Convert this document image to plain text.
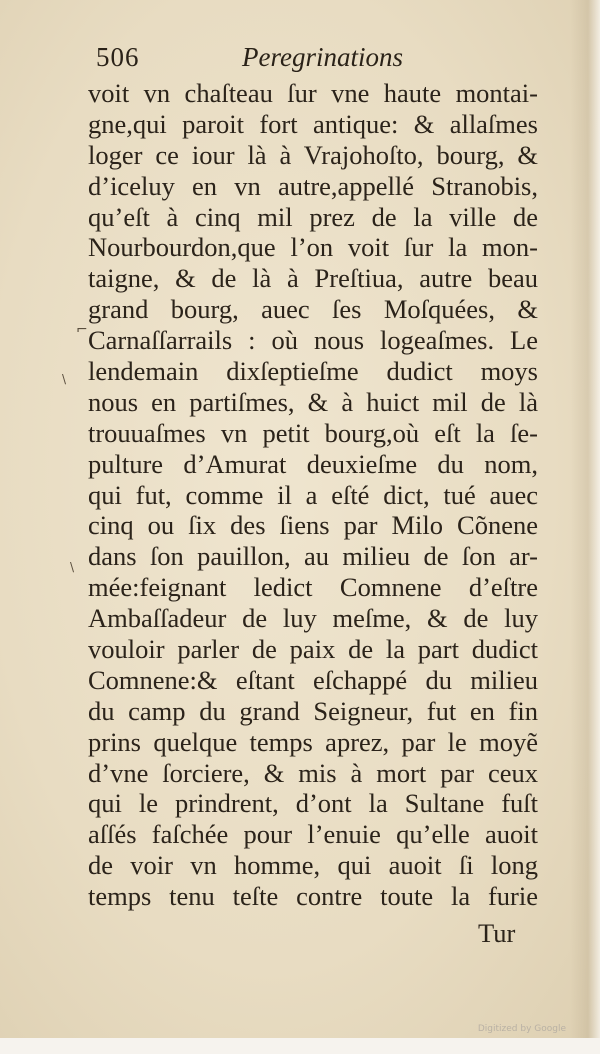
506	Peregrinations
voit vn chaſteau ſur vne haute montai-
gne,qui paroit fort antique: & allaſmes
loger ce iour là à Vrajohoſto, bourg, &
d’iceluy en vn autre,appellé Stranobis,
qu’eſt à cinq mil prez de la ville de
Nourbourdon,que l’on voit ſur la mon-
taigne, & de là à Preſtiua, autre beau
grand bourg, auec ſes Moſquées, &
Carnaſſarrails : où nous logeaſmes. Le
lendemain dixſeptieſme dudict moys
nous en partiſmes, & à huict mil de là
trouuaſmes vn petit bourg,où eſt la ſe-
pulture d’Amurat deuxieſme du nom,
qui fut, comme il a eſté dict, tué auec
cinq ou ſix des ſiens par Milo Cõnene
dans ſon pauillon, au milieu de ſon ar-
mée:feignant ledict Comnene d’eſtre
Ambaſſadeur de luy meſme, & de luy
vouloir parler de paix de la part dudict
Comnene:& eſtant eſchappé du milieu
du camp du grand Seigneur, fut en fin
prins quelque temps aprez, par le moyẽ
d’vne ſorciere, & mis à mort par ceux
qui le prindrent, d’ont la Sultane fuſt
aſſés faſchée pour l’enuie qu’elle auoit
de voir vn homme, qui auoit ſi long
temps tenu teſte contre toute la furie
Tur
⌐
\
\
Digitized by Google
